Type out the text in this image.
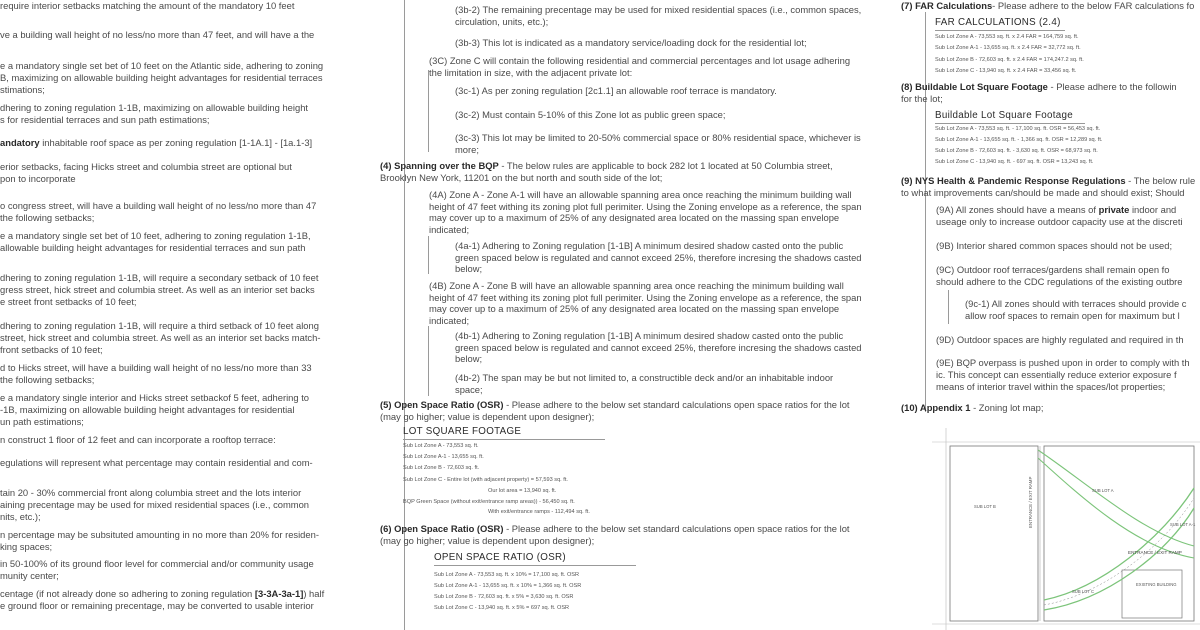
require interior setbacks matching the amount of the mandatory 10 feet
ve a building wall height of no less/no more than 47 feet, and will have a the
e a mandatory single set bet of 10 feet on the Atlantic side, adhering to zoning
B, maximizing on allowable building height advantages for residential terraces
stimations;
dhering to zoning regulation 1-1B, maximizing on allowable building height
s for residential terraces and sun path estimations;
andatory inhabitable roof space as per zoning regulation [1-1A.1] - [1a.1-3]
erior setbacks, facing Hicks street and columbia street are optional but
pon to incorporate
o congress street, will have a building wall height of no less/no more than 47
the following setbacks;
e a mandatory single set bet of 10 feet, adhering to zoning regulation 1-1B,
allowable building height advantages for residential terraces and sun path
dhering to zoning regulation 1-1B, will require a secondary setback of 10 feet
gress street, hick street and columbia street. As well as an interior set backs
e street front setbacks of 10 feet;
dhering to zoning regulation 1-1B, will require a third setback of 10 feet along
street, hick street and columbia street. As well as an interior set backs match-
front setbacks of 10 feet;
d to Hicks street, will have a building wall height of no less/no more than 33
the following setbacks;
e a mandatory single interior and Hicks street setbackof 5 feet, adhering to
-1B, maximizing on allowable building height advantages for residential
un path estimations;
n construct 1 floor of 12 feet and can incorporate a rooftop terrace:
egulations will represent what percentage may contain residential and com-
tain 20 - 30% commercial front along columbia street and the lots interior
aining precentage may be used for mixed residential spaces (i.e., common
nits, etc.);
n percentage may be subsituted amounting in no more than 20% for residen-
king spaces;
in 50-100% of its ground floor level for commercial and/or community usage
munity center;
centage (if not already done so adhering to zoning regulation [3-3A-3a-1]) half
e ground floor or remaining precentage, may be converted to usable interior
(3b-2) The remaining precentage may be used for mixed residential spaces (i.e., common spaces, circulation, units, etc.);
(3b-3) This lot is indicated as a mandatory service/loading dock for the residential lot;
(3C) Zone C will contain the following residential and commercial percentages and lot usage adhering the limitation in size, with the adjacent private lot:
(3c-1) As per zoning regulation [2c1.1] an allowable roof terrace is mandatory.
(3c-2) Must contain 5-10% of this Zone lot as public green space;
(3c-3) This lot may be limited to 20-50% commercial space or 80% residential space, whichever is more;
(4) Spanning over the BQP - The below rules are applicable to bock 282 lot 1 located at 50 Columbia street, Brooklyn New York, 11201 on the but north and south side of the lot;
(4A) Zone A - Zone A-1 will have an allowable spanning area once reaching the minimum building wall height of 47 feet withing its zoning plot full perimiter. Using the Zoning envelope as a reference, the span may cover up to a maximum of 25% of any designated area located on the massing span envelope indicated;
(4a-1) Adhering to Zoning regulation [1-1B] A minimum desired shadow casted onto the public green spaced below is regulated and cannot exceed 25%, therefore incresing the shadows casted below;
(4B) Zone A - Zone B will have an allowable spanning area once reaching the minimum building wall height of 47 feet withing its zoning plot full perimiter. Using the Zoning envelope as a reference, the span may cover up to a maximum of 25% of any designated area located on the massing span envelope indicated;
(4b-1) Adhering to Zoning regulation [1-1B] A minimum desired shadow casted onto the public green spaced below is regulated and cannot exceed 25%, therefore incresing the shadows casted below;
(4b-2) The span may be but not limited to, a constructible deck and/or an inhabitable indoor space;
(5) Open Space Ratio (OSR) - Please adhere to the below set standard calculations open space ratios for the lot (may go higher; value is dependent upon designer);
LOT SQUARE FOOTAGE
Sub Lot Zone A - 73,553 sq. ft.
Sub Lot Zone A-1 - 13,655 sq. ft.
Sub Lot Zone B - 72,603 sq. ft.
Sub Lot Zone C - Entire lot (with adjacent property) = 57,593 sq. ft.
Our lot area = 13,940 sq. ft.
BQP Green Space (without exit/entrance ramp areas)) - 56,450 sq. ft.
With exit/entrance ramps - 112,494 sq. ft.
(6) Open Space Ratio (OSR) - Please adhere to the below set standard calculations open space ratios for the lot (may go higher; value is dependent upon designer);
OPEN SPACE RATIO (OSR)
Sub Lot Zone A - 73,553 sq. ft. x 10% = 17,100 sq. ft. OSR
Sub Lot Zone A-1 - 13,655 sq. ft. x 10% = 1,366 sq. ft. OSR
Sub Lot Zone B - 72,603 sq. ft. x 5% = 3,630 sq. ft. OSR
Sub Lot Zone C - 13,940 sq. ft. x 5% = 697 sq. ft. OSR
(7) FAR Calculations- Please adhere to the below FAR calculations fo
FAR CALCULATIONS (2.4)
Sub Lot Zone A - 73,553 sq. ft. x 2.4 FAR = 164,759 sq. ft.
Sub Lot Zone A-1 - 13,655 sq. ft. x 2.4 FAR = 32,772 sq. ft.
Sub Lot Zone B - 72,603 sq. ft. x 2.4 FAR = 174,247.2 sq. ft.
Sub Lot Zone C - 13,940 sq. ft. x 2.4 FAR = 33,456 sq. ft.
(8) Buildable Lot Square Footage - Please adhere to the followin
for the lot;
Buildable Lot Square Footage
Sub Lot Zone A - 73,553 sq. ft. - 17,100 sq. ft. OSR = 56,453 sq. ft.
Sub Lot Zone A-1 - 13,655 sq. ft. - 1,366 sq. ft. OSR = 12,289 sq. ft.
Sub Lot Zone B - 72,603 sq. ft. - 3,630 sq. ft. OSR = 68,973 sq. ft.
Sub Lot Zone C - 13,940 sq. ft. - 697 sq. ft. OSR = 13,243 sq. ft.
(9) NYS Health & Pandemic Response Regulations - The below rule
to what improvements can/should be made and should exist; Should
(9A) All zones should have a means of private indoor and
useage only to increase outdoor capacity use at the discreti
(9B) Interior shared common spaces should not be used;
(9C) Outdoor roof terraces/gardens shall remain open fo
should adhere to the CDC regulations of the existing outbre
(9c-1) All zones should with terraces should provide c
allow roof spaces to remain open for maximum but l
(9D) Outdoor spaces are highly regulated and required in th
(9E) BQP overpass is pushed upon in order to comply with th
ic. This concept can essentially reduce exterior exposure f
means of interior travel within the spaces/lot properties;
(10) Appendix 1 - Zoning lot map;
SUB LOT A
SUB LOT B
SUB LOT A-1
SUB LOT C
EXISTING BUILDING
ENTRANCE / EXIT RAMP
ENTRANCE / EXIT RAMP
